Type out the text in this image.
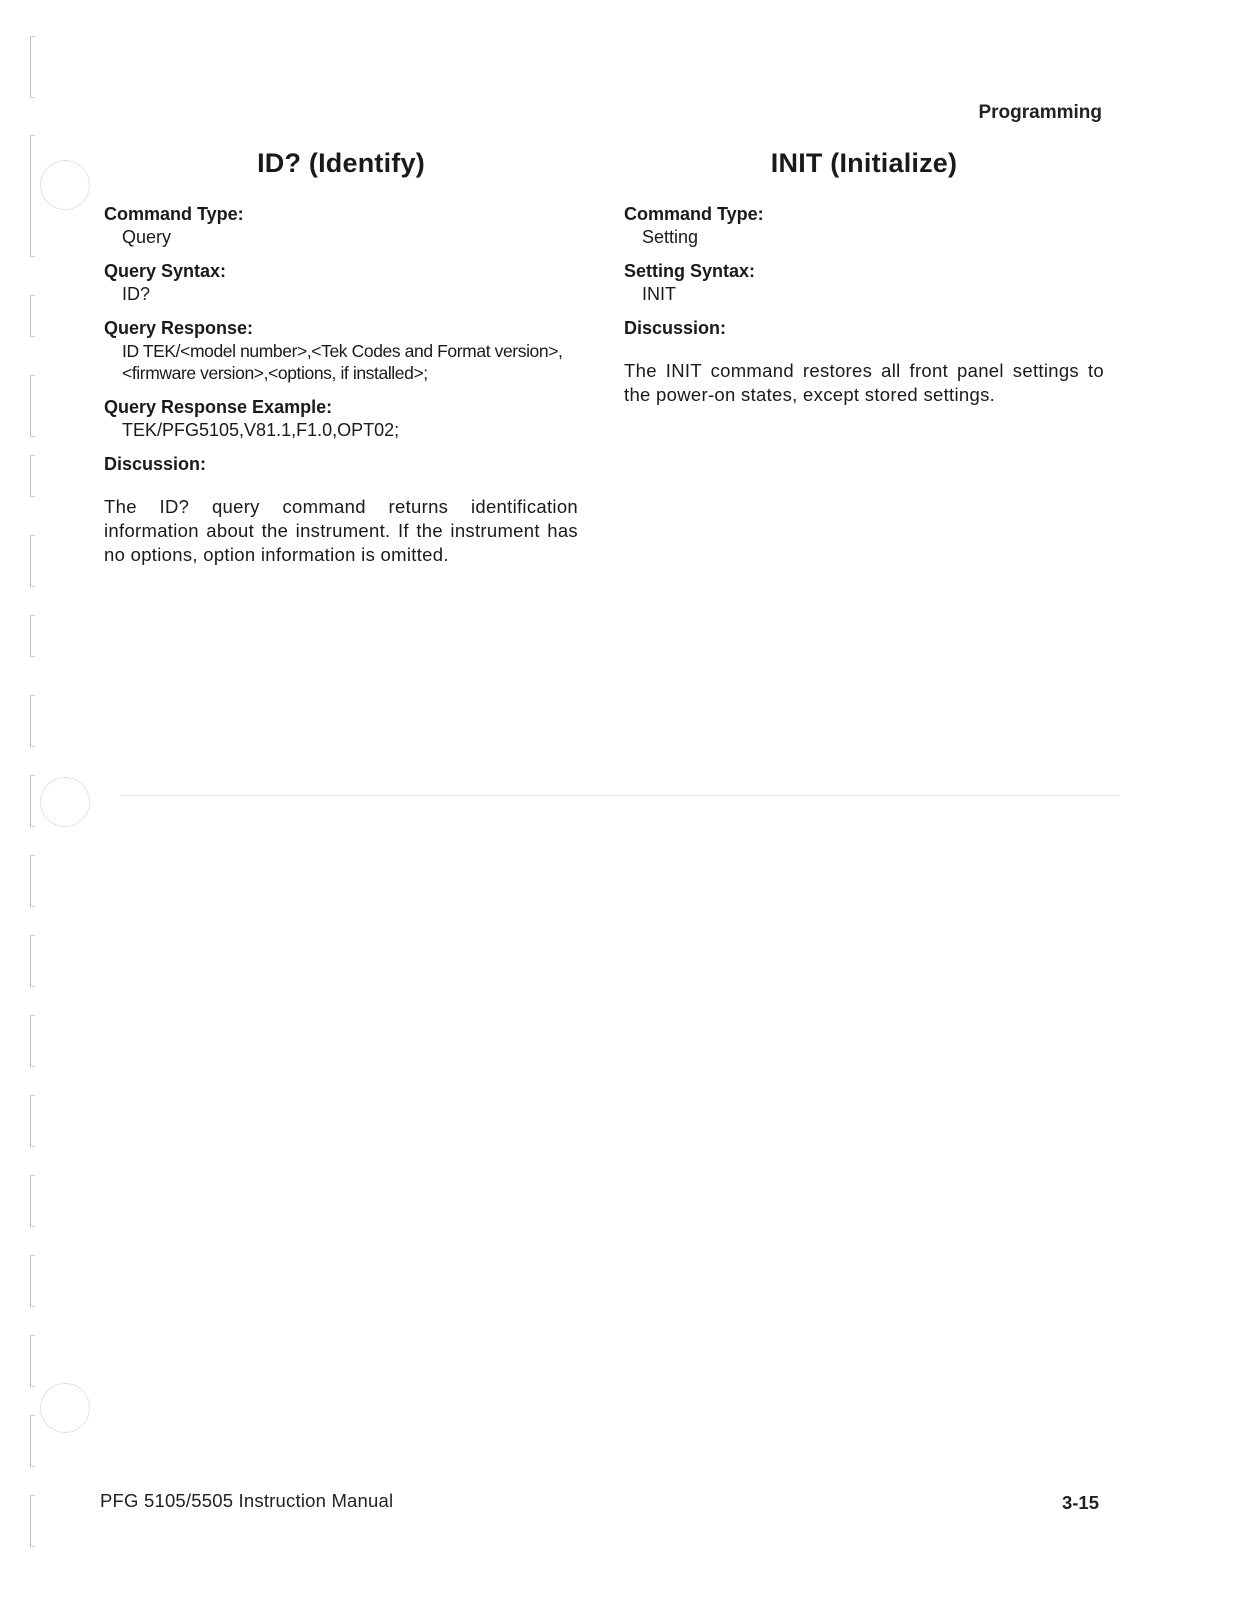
Programming
ID? (Identify)

Command Type:

Query

Query Syntax:

ID?

Query Response:

ID TEK/<model number>,<Tek Codes and Format version>,<firmware version>,<options, if installed>;

Query Response Example:

TEK/PFG5105,V81.1,F1.0,OPT02;

Discussion:

The ID? query command returns identification information about the instrument. If the instrument has no options, option information is omitted.

INIT (Initialize)

Command Type:

Setting

Setting Syntax:

INIT

Discussion:

The INIT command restores all front panel settings to the power-on states, except stored settings.

PFG 5105/5505 Instruction Manual	3-15
